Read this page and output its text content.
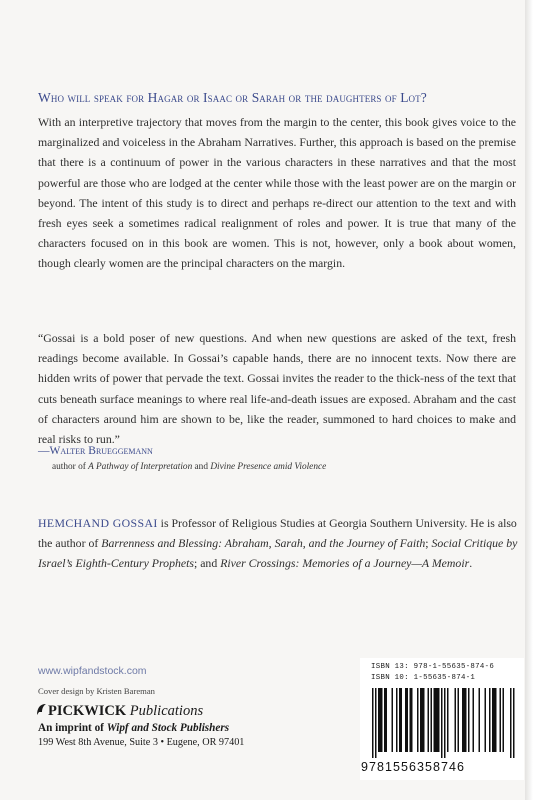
Who will speak for Hagar or Isaac or Sarah or the daughters of Lot?

With an interpretive trajectory that moves from the margin to the center, this book gives voice to the marginalized and voiceless in the Abraham Narratives. Further, this approach is based on the premise that there is a continuum of power in the various characters in these narratives and that the most powerful are those who are lodged at the center while those with the least power are on the margin or beyond. The intent of this study is to direct and perhaps re-direct our attention to the text and with fresh eyes seek a sometimes radical realignment of roles and power. It is true that many of the characters focused on in this book are women. This is not, however, only a book about women, though clearly women are the principal characters on the margin.

“Gossai is a bold poser of new questions. And when new questions are asked of the text, fresh readings become available. In Gossai’s capable hands, there are no innocent texts. Now there are hidden writs of power that pervade the text. Gossai invites the reader to the thick-ness of the text that cuts beneath surface meanings to where real life-and-death issues are exposed. Abraham and the cast of characters around him are shown to be, like the reader, summoned to hard choices to make and real risks to run.”

—Walter Brueggemann

author of A Pathway of Interpretation and Divine Presence amid Violence

HEMCHAND GOSSAI is Professor of Religious Studies at Georgia Southern University. He is also the author of Barrenness and Blessing: Abraham, Sarah, and the Journey of Faith; Social Critique by Israel’s Eighth-Century Prophets; and River Crossings: Memories of a Journey—A Memoir.

www.wipfandstock.com

Cover design by Kristen Bareman

PICKWICK Publications

An imprint of Wipf and Stock Publishers

199 West 8th Avenue, Suite 3 • Eugene, OR 97401

ISBN 13: 978-1-55635-874-6

ISBN 10: 1-55635-874-1

9781556358746
